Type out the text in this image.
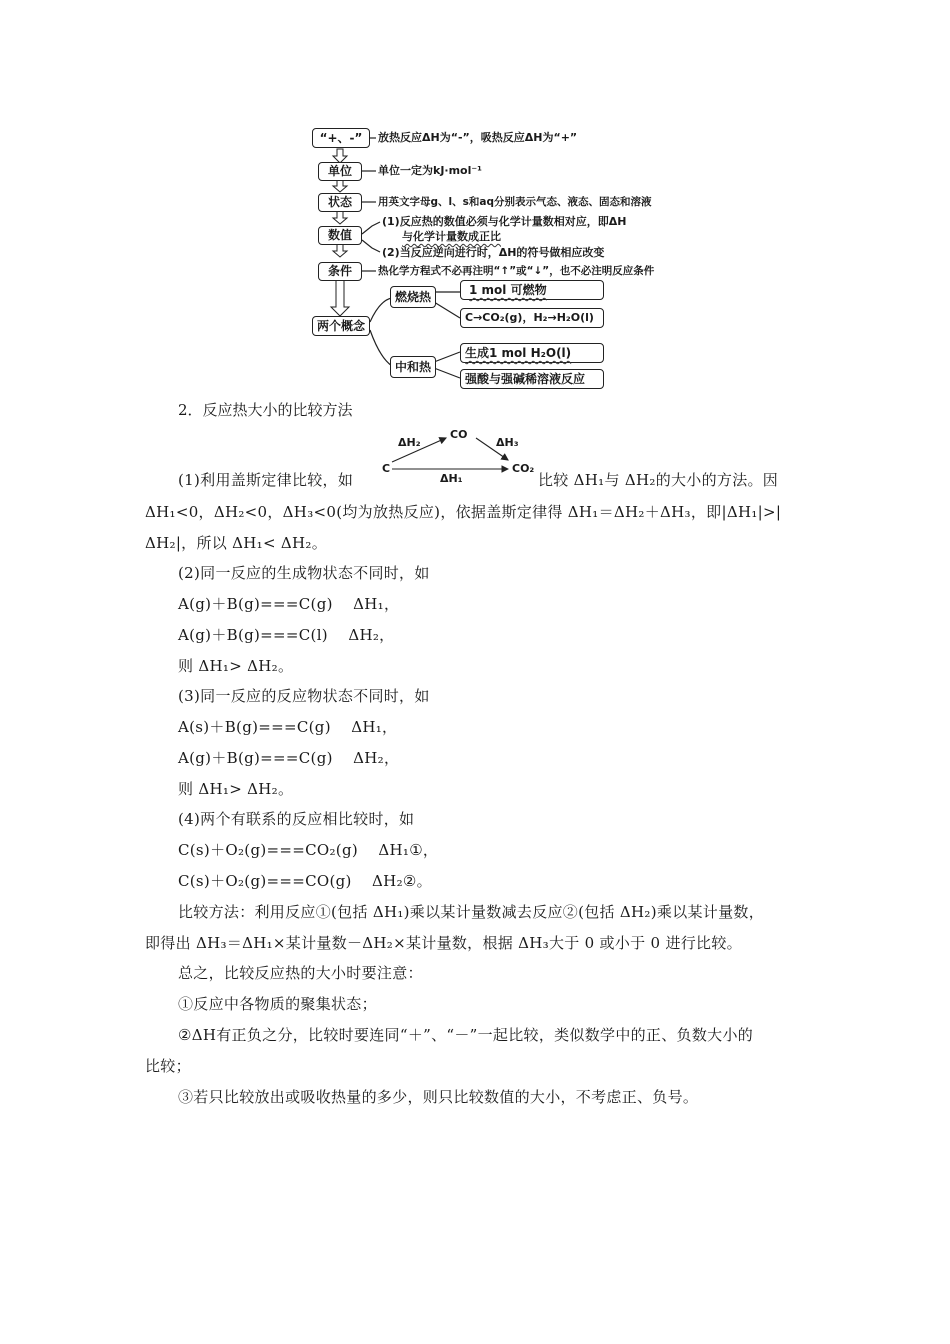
“+、-”
单位
状态
数值
条件
两个概念
燃烧热
中和热
1 mol 可燃物
C→CO₂(g)，H₂→H₂O(l)
生成1 mol H₂O(l)
强酸与强碱稀溶液反应
放热反应ΔH为“-”，吸热反应ΔH为“+”
单位一定为kJ·mol⁻¹
用英文字母g、l、s和aq分别表示气态、液态、固态和溶液
(1)反应热的数值必须与化学计量数相对应，即ΔH
与化学计量数成正比
(2)当反应逆向进行时，ΔH的符号做相应改变
热化学方程式不必再注明“↑”或“↓”，也不必注明反应条件
2．反应热大小的比较方法
C
CO
CO₂
ΔH₂	ΔH₃
ΔH₁
(1)利用盖斯定律比较，如	比较 ΔH₁与 ΔH₂的大小的方法。因
ΔH₁<0，ΔH₂<0，ΔH₃<0(均为放热反应)，依据盖斯定律得 ΔH₁＝ΔH₂＋ΔH₃，即|ΔH₁|>|
ΔH₂|，所以 ΔH₁< ΔH₂。
(2)同一反应的生成物状态不同时，如
A(g)＋B(g)===C(g)　 ΔH₁，
A(g)＋B(g)===C(l)　 ΔH₂，
则 ΔH₁> ΔH₂。
(3)同一反应的反应物状态不同时，如
A(s)＋B(g)===C(g)　 ΔH₁，
A(g)＋B(g)===C(g)　 ΔH₂，
则 ΔH₁> ΔH₂。
(4)两个有联系的反应相比较时，如
C(s)＋O₂(g)===CO₂(g)　 ΔH₁①，
C(s)＋O₂(g)===CO(g)　 ΔH₂②。
比较方法：利用反应①(包括 ΔH₁)乘以某计量数减去反应②(包括 ΔH₂)乘以某计量数，
即得出 ΔH₃＝ΔH₁×某计量数－ΔH₂×某计量数，根据 ΔH₃大于 0 或小于 0 进行比较。
总之，比较反应热的大小时要注意：
①反应中各物质的聚集状态；
②ΔH有正负之分，比较时要连同“＋”、“－”一起比较，类似数学中的正、负数大小的
比较；
③若只比较放出或吸收热量的多少，则只比较数值的大小，不考虑正、负号。
